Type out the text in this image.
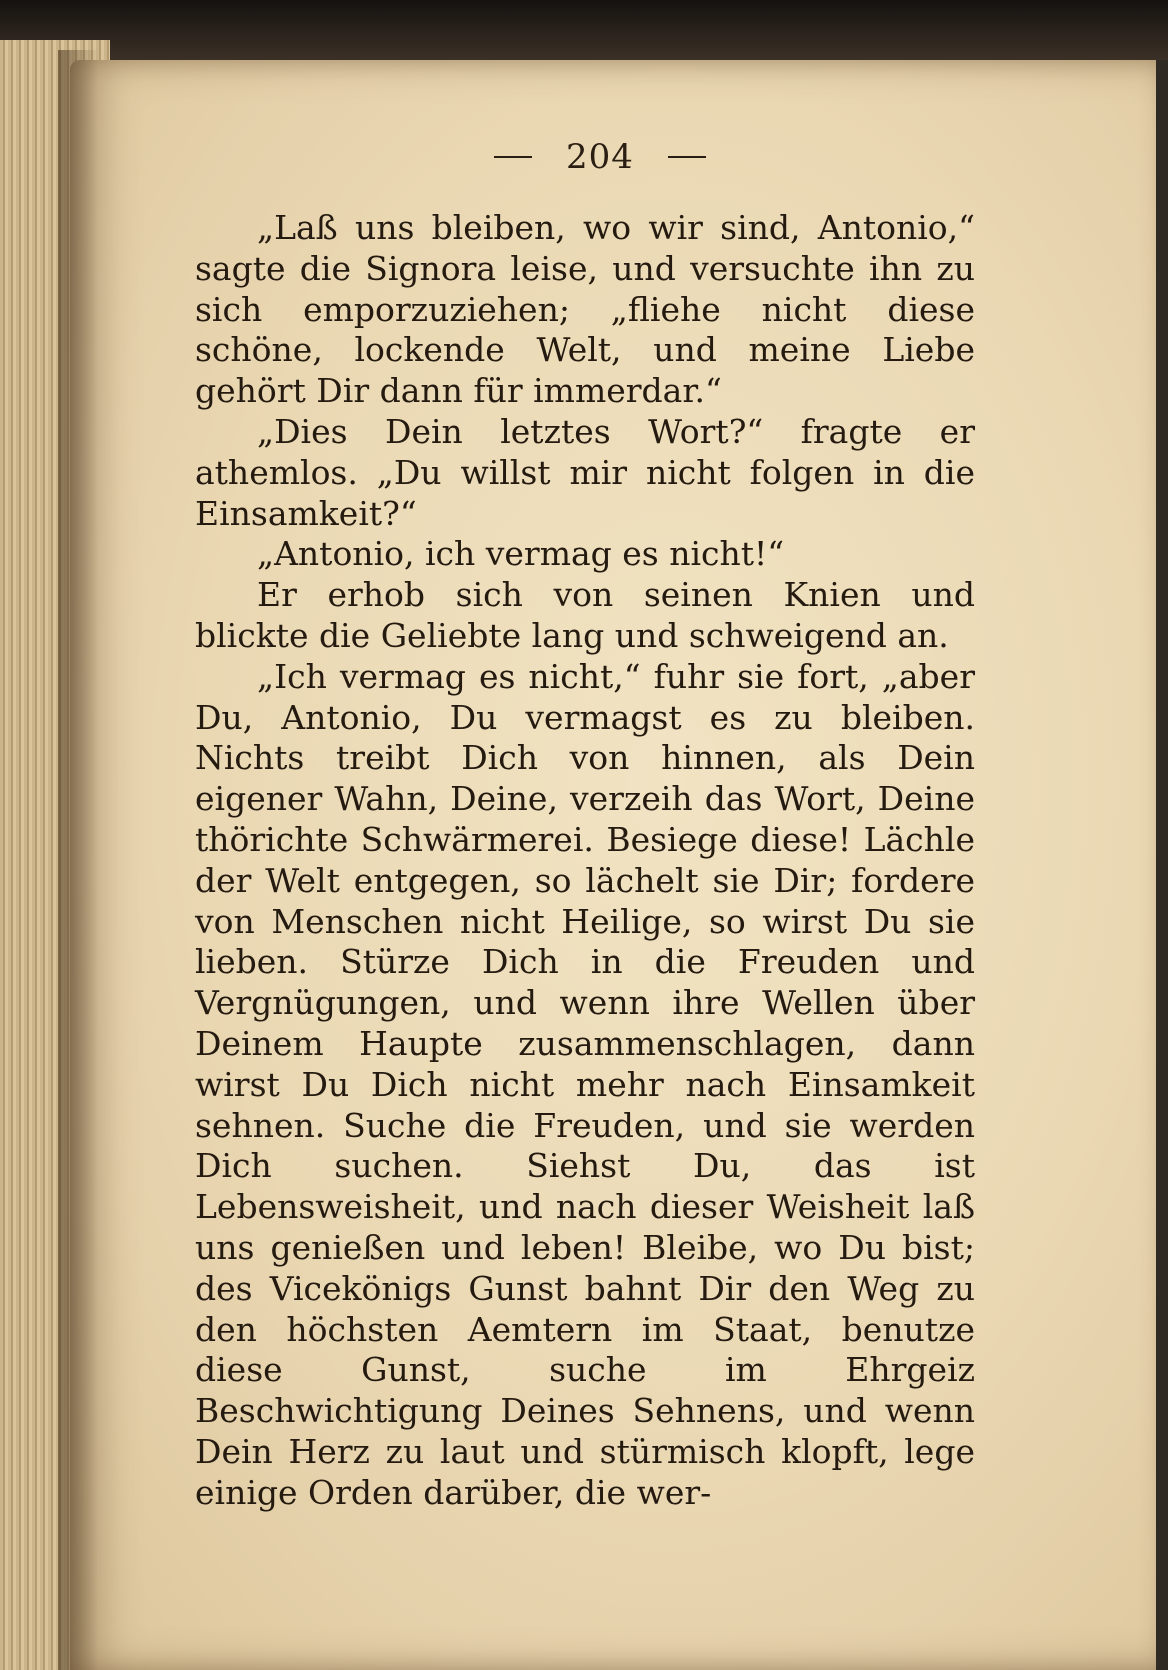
204

„Laß uns bleiben, wo wir sind, Antonio,“ sagte die Signora leise, und versuchte ihn zu sich emporzuziehen; „fliehe nicht diese schöne, lockende Welt, und meine Liebe gehört Dir dann für immerdar.“

„Dies Dein letztes Wort?“ fragte er athemlos. „Du willst mir nicht folgen in die Einsamkeit?“

„Antonio, ich vermag es nicht!“

Er erhob sich von seinen Knien und blickte die Geliebte lang und schweigend an.

„Ich vermag es nicht,“ fuhr sie fort, „aber Du, Antonio, Du vermagst es zu bleiben. Nichts treibt Dich von hinnen, als Dein eigener Wahn, Deine, verzeih das Wort, Deine thörichte Schwärmerei. Besiege diese! Lächle der Welt entgegen, so lächelt sie Dir; fordere von Menschen nicht Heilige, so wirst Du sie lieben. Stürze Dich in die Freuden und Vergnügungen, und wenn ihre Wellen über Deinem Haupte zusammenschlagen, dann wirst Du Dich nicht mehr nach Einsamkeit sehnen. Suche die Freuden, und sie werden Dich suchen. Siehst Du, das ist Lebensweisheit, und nach dieser Weisheit laß uns genießen und leben! Bleibe, wo Du bist; des Vicekönigs Gunst bahnt Dir den Weg zu den höchsten Aemtern im Staat, benutze diese Gunst, suche im Ehrgeiz Beschwichtigung Deines Sehnens, und wenn Dein Herz zu laut und stürmisch klopft, lege einige Orden darüber, die wer-
